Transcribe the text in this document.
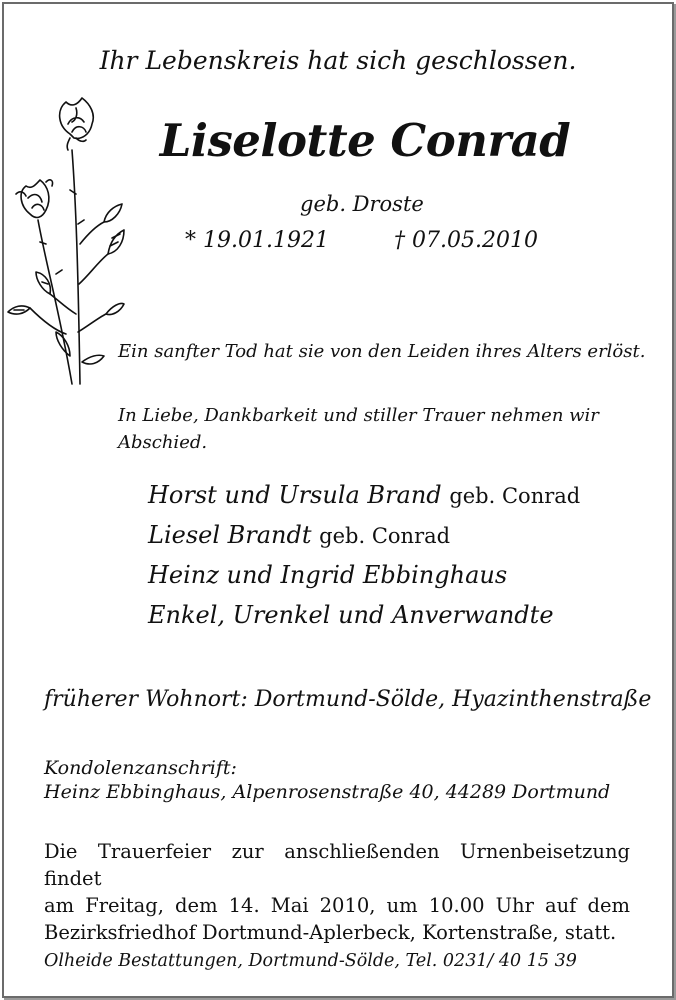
Ihr Lebenskreis hat sich geschlossen.
Liselotte Conrad
geb. Droste
* 19.01.1921	† 07.05.2010
Ein sanfter Tod hat sie von den Leiden ihres Alters erlöst.
In Liebe, Dankbarkeit und stiller Trauer nehmen wir Abschied.
Horst und Ursula Brand geb. Conrad
Liesel Brandt geb. Conrad
Heinz und Ingrid Ebbinghaus
Enkel, Urenkel und Anverwandte
früherer Wohnort: Dortmund-Sölde, Hyazinthenstraße
Kondolenzanschrift:
Heinz Ebbinghaus, Alpenrosenstraße 40, 44289 Dortmund
Die Trauerfeier zur anschließenden Urnenbeisetzung findet
am Freitag, dem 14. Mai 2010, um 10.00 Uhr auf dem
Bezirksfriedhof Dortmund-Aplerbeck, Kortenstraße, statt.
Olheide Bestattungen, Dortmund-Sölde, Tel. 0231/ 40 15 39
